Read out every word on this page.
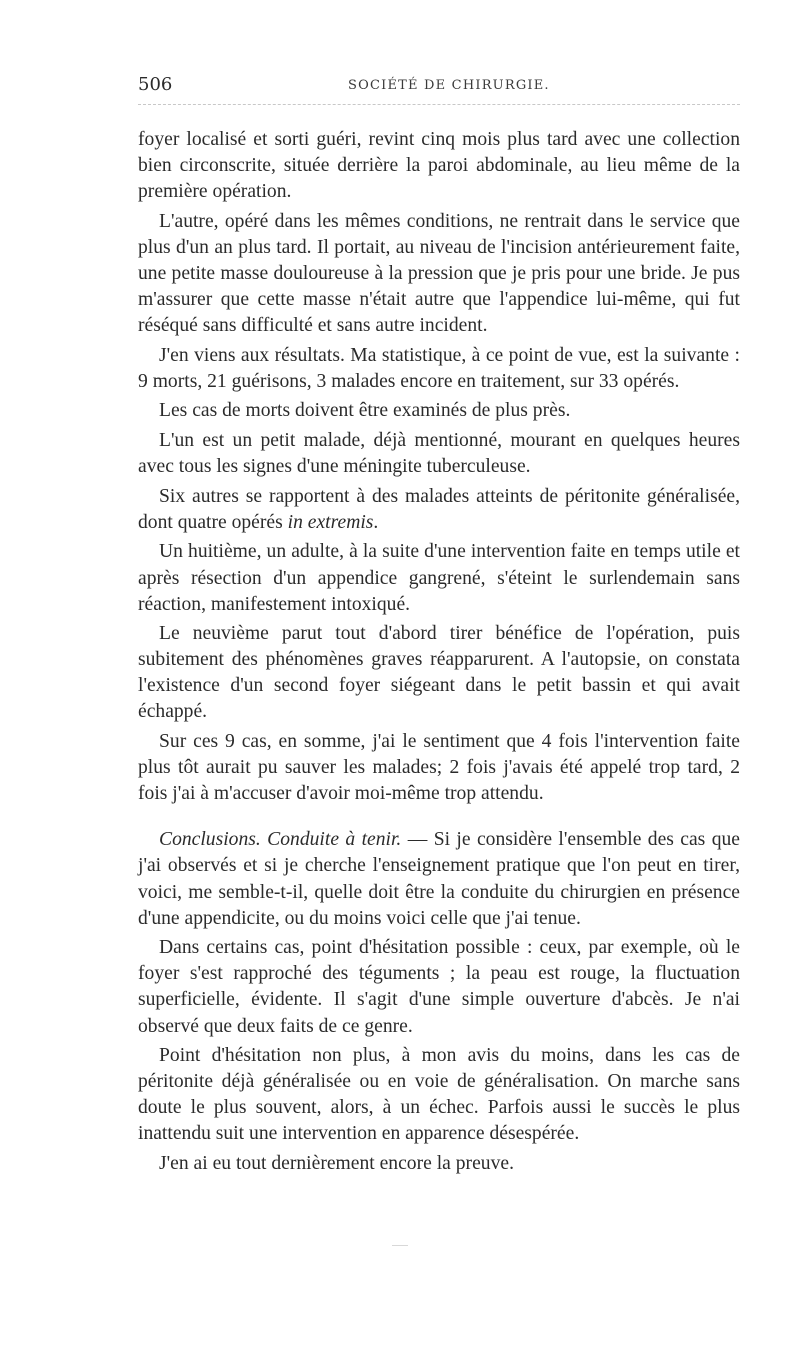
506	SOCIÉTÉ DE CHIRURGIE.

foyer localisé et sorti guéri, revint cinq mois plus tard avec une collection bien circonscrite, située derrière la paroi abdominale, au lieu même de la première opération.

L'autre, opéré dans les mêmes conditions, ne rentrait dans le service que plus d'un an plus tard. Il portait, au niveau de l'incision antérieurement faite, une petite masse douloureuse à la pression que je pris pour une bride. Je pus m'assurer que cette masse n'était autre que l'appendice lui-même, qui fut réséqué sans difficulté et sans autre incident.

J'en viens aux résultats. Ma statistique, à ce point de vue, est la suivante : 9 morts, 21 guérisons, 3 malades encore en traitement, sur 33 opérés.

Les cas de morts doivent être examinés de plus près.

L'un est un petit malade, déjà mentionné, mourant en quelques heures avec tous les signes d'une méningite tuberculeuse.

Six autres se rapportent à des malades atteints de péritonite généralisée, dont quatre opérés in extremis.

Un huitième, un adulte, à la suite d'une intervention faite en temps utile et après résection d'un appendice gangrené, s'éteint le surlendemain sans réaction, manifestement intoxiqué.

Le neuvième parut tout d'abord tirer bénéfice de l'opération, puis subitement des phénomènes graves réapparurent. A l'autopsie, on constata l'existence d'un second foyer siégeant dans le petit bassin et qui avait échappé.

Sur ces 9 cas, en somme, j'ai le sentiment que 4 fois l'intervention faite plus tôt aurait pu sauver les malades; 2 fois j'avais été appelé trop tard, 2 fois j'ai à m'accuser d'avoir moi-même trop attendu.

Conclusions. Conduite à tenir. — Si je considère l'ensemble des cas que j'ai observés et si je cherche l'enseignement pratique que l'on peut en tirer, voici, me semble-t-il, quelle doit être la conduite du chirurgien en présence d'une appendicite, ou du moins voici celle que j'ai tenue.

Dans certains cas, point d'hésitation possible : ceux, par exemple, où le foyer s'est rapproché des téguments ; la peau est rouge, la fluctuation superficielle, évidente. Il s'agit d'une simple ouverture d'abcès. Je n'ai observé que deux faits de ce genre.

Point d'hésitation non plus, à mon avis du moins, dans les cas de péritonite déjà généralisée ou en voie de généralisation. On marche sans doute le plus souvent, alors, à un échec. Parfois aussi le succès le plus inattendu suit une intervention en apparence désespérée.

J'en ai eu tout dernièrement encore la preuve.
